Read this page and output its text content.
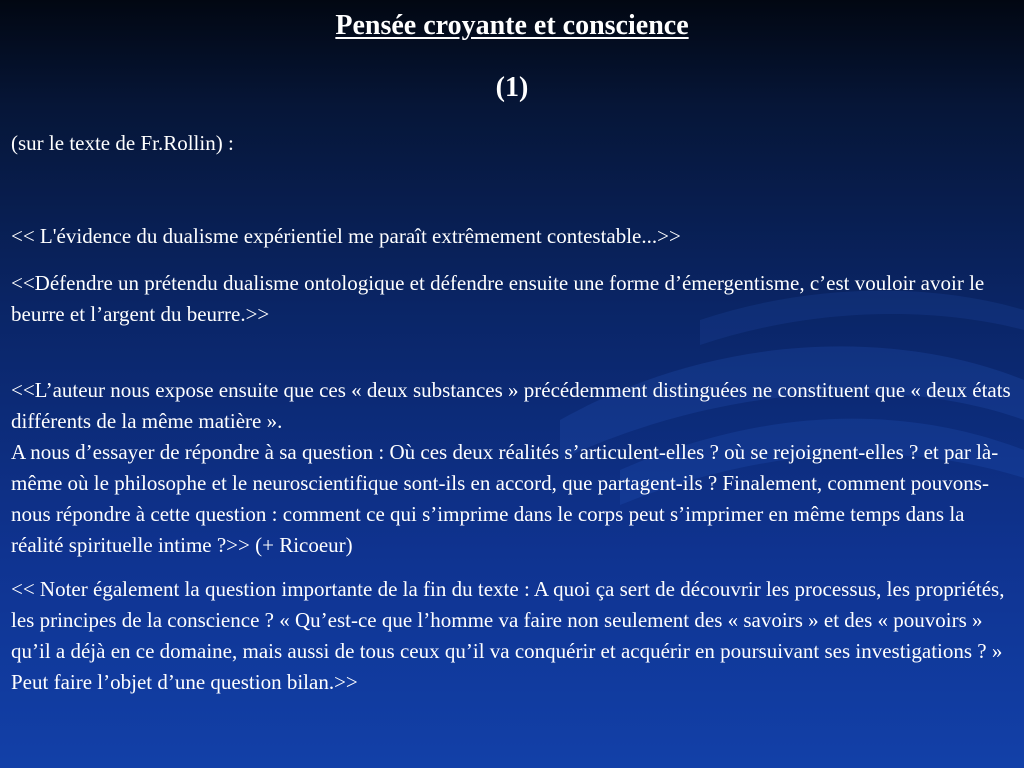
Pensée croyante et conscience
(1)

(sur le texte de Fr.Rollin) :

<< L'évidence du dualisme expérientiel me paraît extrêmement contestable...>>

<<Défendre un prétendu dualisme ontologique et défendre ensuite une forme d’émergentisme, c’est vouloir avoir le beurre et l’argent du beurre.>>

<<L’auteur nous expose ensuite que ces « deux substances » précédemment distinguées ne constituent que « deux états différents de la même matière ».

A nous d’essayer de répondre à sa question : Où ces deux réalités s’articulent-elles ? où se rejoignent-elles ? et par là-même où le philosophe et le neuroscientifique sont-ils en accord, que partagent-ils ? Finalement, comment pouvons- nous répondre à cette question : comment ce qui s’imprime dans le corps peut s’imprimer en même temps dans la réalité spirituelle intime ?>> (+ Ricoeur)

<< Noter également la question importante de la fin du texte : A quoi ça sert de découvrir les processus, les propriétés, les principes de la conscience ? « Qu’est-ce que l’homme va faire non seulement des « savoirs » et des « pouvoirs » qu’il a déjà en ce domaine, mais aussi de tous ceux qu’il va conquérir et acquérir en poursuivant ses investigations ? » Peut faire l’objet d’une question bilan.>>
